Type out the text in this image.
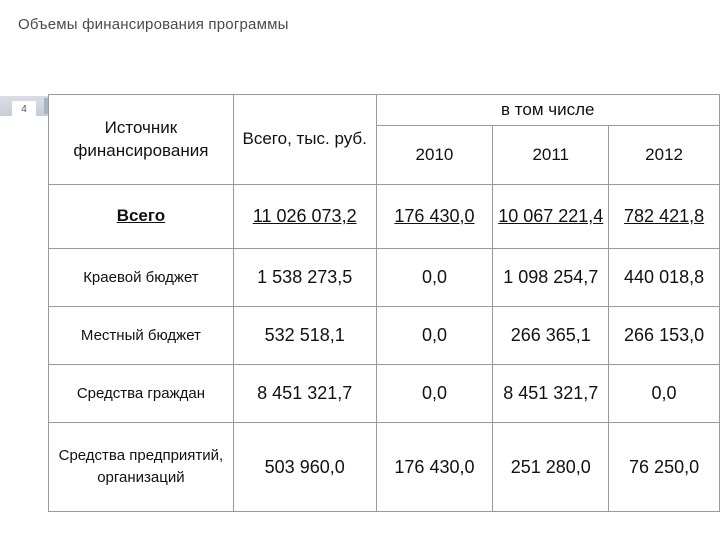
Объемы финансирования программы
4
Источник финансирования	Всего, тыс. руб.	в том числе		
		2010	2011	2012
Всего	11 026 073,2	176 430,0	10 067 221,4	782 421,8
Краевой бюджет	1 538 273,5	0,0	1 098 254,7	440 018,8
Местный бюджет	532 518,1	0,0	266 365,1	266 153,0
Средства граждан	8 451 321,7	0,0	8 451 321,7	0,0
Средства предприятий, организаций	503 960,0	176 430,0	251 280,0	76 250,0
